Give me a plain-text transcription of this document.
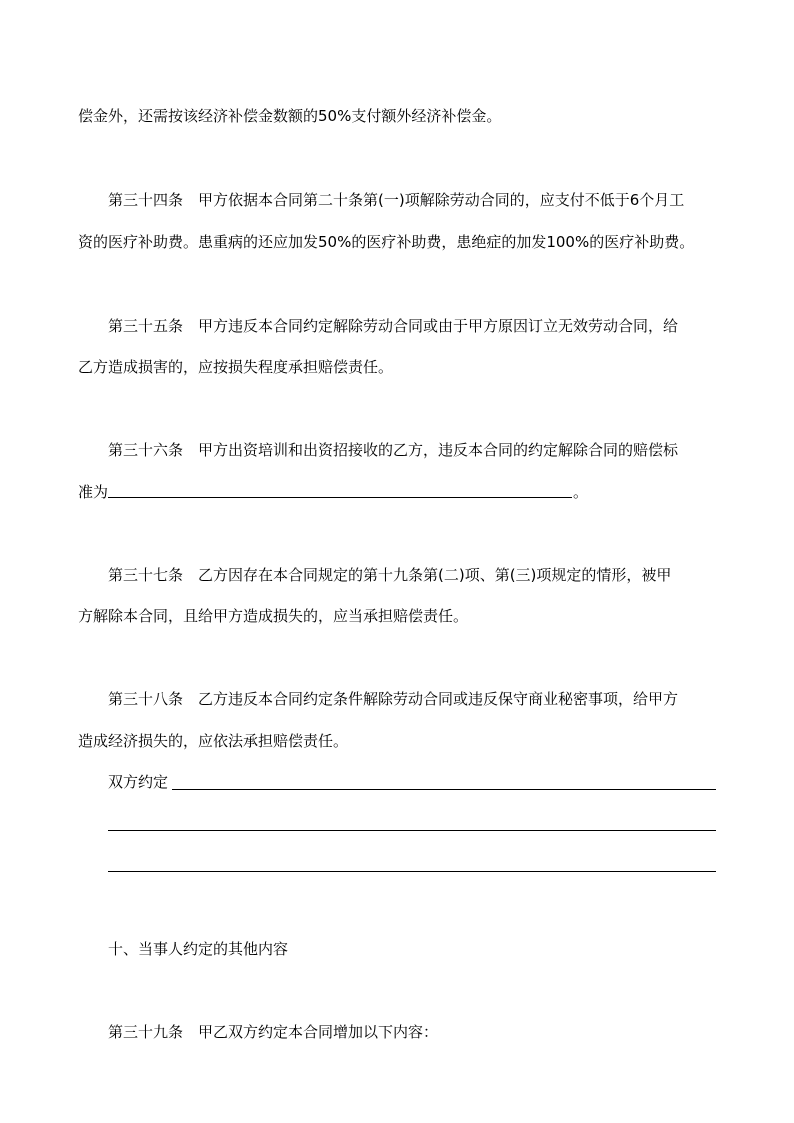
偿金外，还需按该经济补偿金数额的50%支付额外经济补偿金。
第三十四条　甲方依据本合同第二十条第(一)项解除劳动合同的，应支付不低于6个月工
资的医疗补助费。患重病的还应加发50%的医疗补助费，患绝症的加发100%的医疗补助费。
第三十五条　甲方违反本合同约定解除劳动合同或由于甲方原因订立无效劳动合同，给
乙方造成损害的，应按损失程度承担赔偿责任。
第三十六条　甲方出资培训和出资招接收的乙方，违反本合同的约定解除合同的赔偿标
准为	。
第三十七条　乙方因存在本合同规定的第十九条第(二)项、第(三)项规定的情形，被甲
方解除本合同，且给甲方造成损失的，应当承担赔偿责任。
第三十八条　乙方违反本合同约定条件解除劳动合同或违反保守商业秘密事项，给甲方
造成经济损失的，应依法承担赔偿责任。
双方约定
十、当事人约定的其他内容
第三十九条　甲乙双方约定本合同增加以下内容：
